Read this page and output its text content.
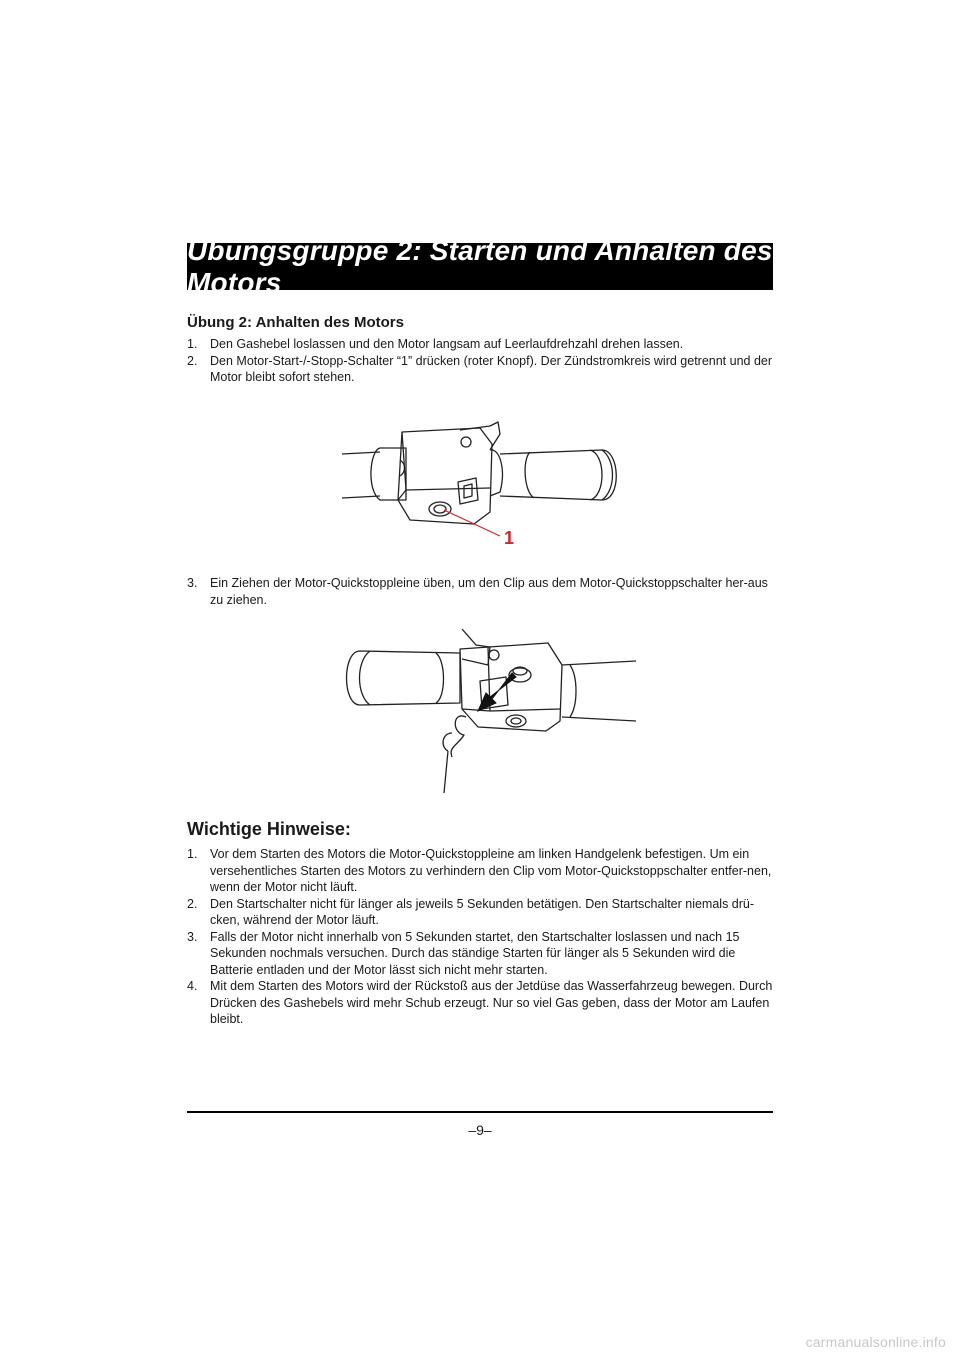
Übungsgruppe 2: Starten und Anhalten des Motors
Übung 2: Anhalten des Motors
1. Den Gashebel loslassen und den Motor langsam auf Leerlaufdrehzahl drehen lassen.
2. Den Motor-Start-/-Stopp-Schalter “1” drücken (roter Knopf). Der Zündstromkreis wird getrennt und der Motor bleibt sofort stehen.
1
3. Ein Ziehen der Motor-Quickstoppleine üben, um den Clip aus dem Motor-Quickstoppschalter her-aus zu ziehen.
Wichtige Hinweise:
1. Vor dem Starten des Motors die Motor-Quickstoppleine am linken Handgelenk befestigen. Um ein versehentliches Starten des Motors zu verhindern den Clip vom Motor-Quickstoppschalter entfer-nen, wenn der Motor nicht läuft.
2. Den Startschalter nicht für länger als jeweils 5 Sekunden betätigen. Den Startschalter niemals drü-cken, während der Motor läuft.
3. Falls der Motor nicht innerhalb von 5 Sekunden startet, den Startschalter loslassen und nach 15 Sekunden nochmals versuchen. Durch das ständige Starten für länger als 5 Sekunden wird die Batterie entladen und der Motor lässt sich nicht mehr starten.
4. Mit dem Starten des Motors wird der Rückstoß aus der Jetdüse das Wasserfahrzeug bewegen. Durch Drücken des Gashebels wird mehr Schub erzeugt. Nur so viel Gas geben, dass der Motor am Laufen bleibt.
–9–
carmanualsonline.info
